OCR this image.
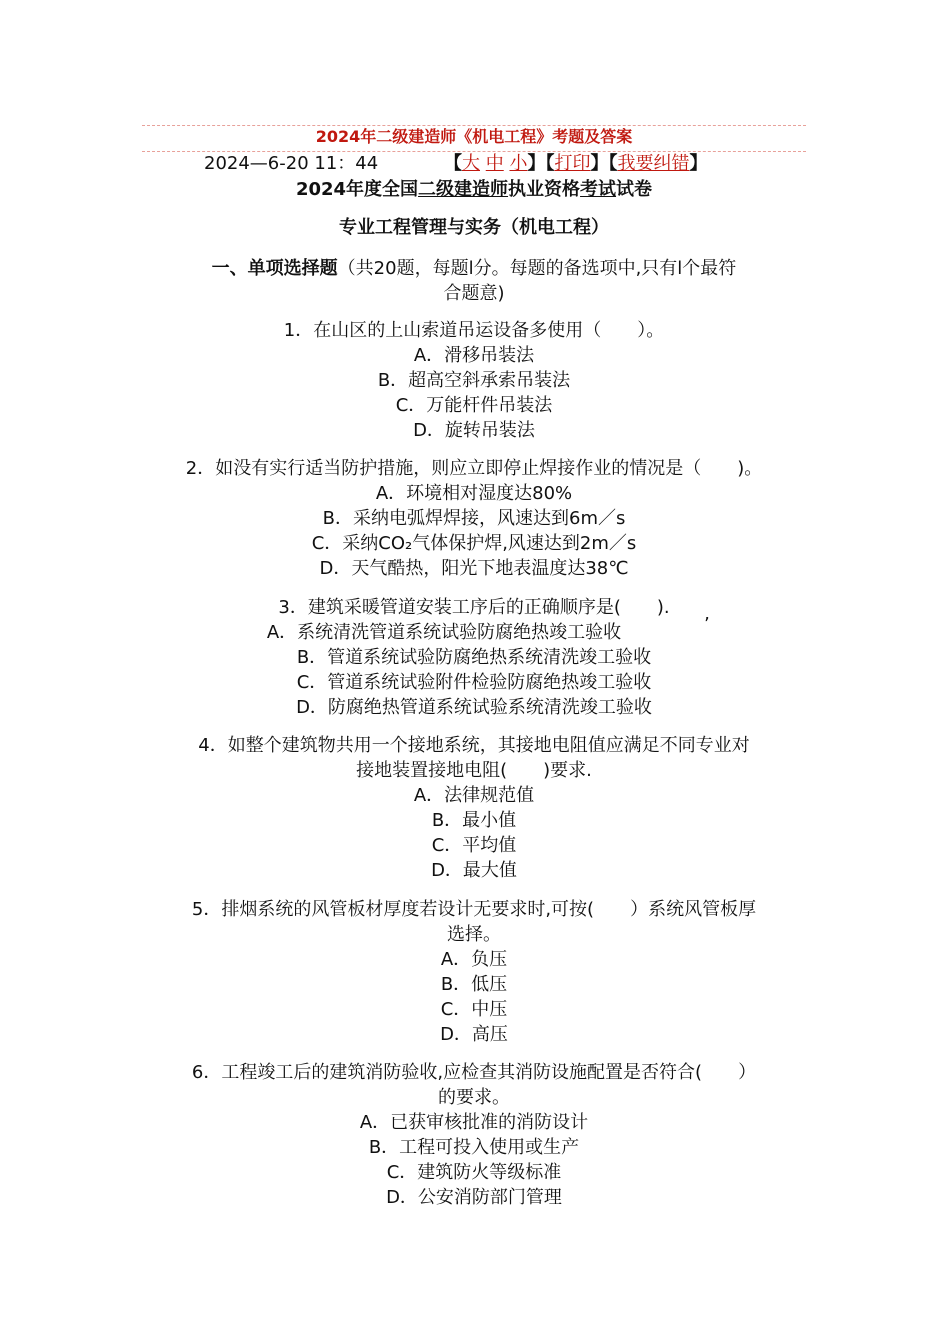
2024年二级建造师《机电工程》考题及答案
2024—6-20 11：44	【大 中 小】【打印】【我要纠错】
2024年度全国二级建造师执业资格考试试卷
专业工程管理与实务（机电工程）
一、单项选择题（共20题，每题l分。每题的备选项中,只有l个最符
合题意)
1．在山区的上山索道吊运设备多使用（　　）。
A．滑移吊装法
B．超高空斜承索吊装法
C．万能杆件吊装法
D．旋转吊装法
2．如没有实行适当防护措施，则应立即停止焊接作业的情况是（　　)。
A．环境相对湿度达80%
B．采纳电弧焊焊接，风速达到6m／s
C．采纳CO₂气体保护焊,风速达到2m／s
D．天气酷热，阳光下地表温度达38℃
3．建筑采暖管道安装工序后的正确顺序是(　　).
A．系统清洗管道系统试验防腐绝热竣工验收
B．管道系统试验防腐绝热系统清洗竣工验收
C．管道系统试验附件检验防腐绝热竣工验收
D．防腐绝热管道系统试验系统清洗竣工验收
’
4．如整个建筑物共用一个接地系统，其接地电阻值应满足不同专业对
接地装置接地电阻(　　)要求.
A．法律规范值
B．最小值
C．平均值
D．最大值
5．排烟系统的风管板材厚度若设计无要求时,可按(　　）系统风管板厚
选择。
A．负压
B．低压
C．中压
D．高压
6．工程竣工后的建筑消防验收,应检查其消防设施配置是否符合(　　）
的要求。
A．已获审核批准的消防设计
B．工程可投入使用或生产
C．建筑防火等级标准
D．公安消防部门管理
